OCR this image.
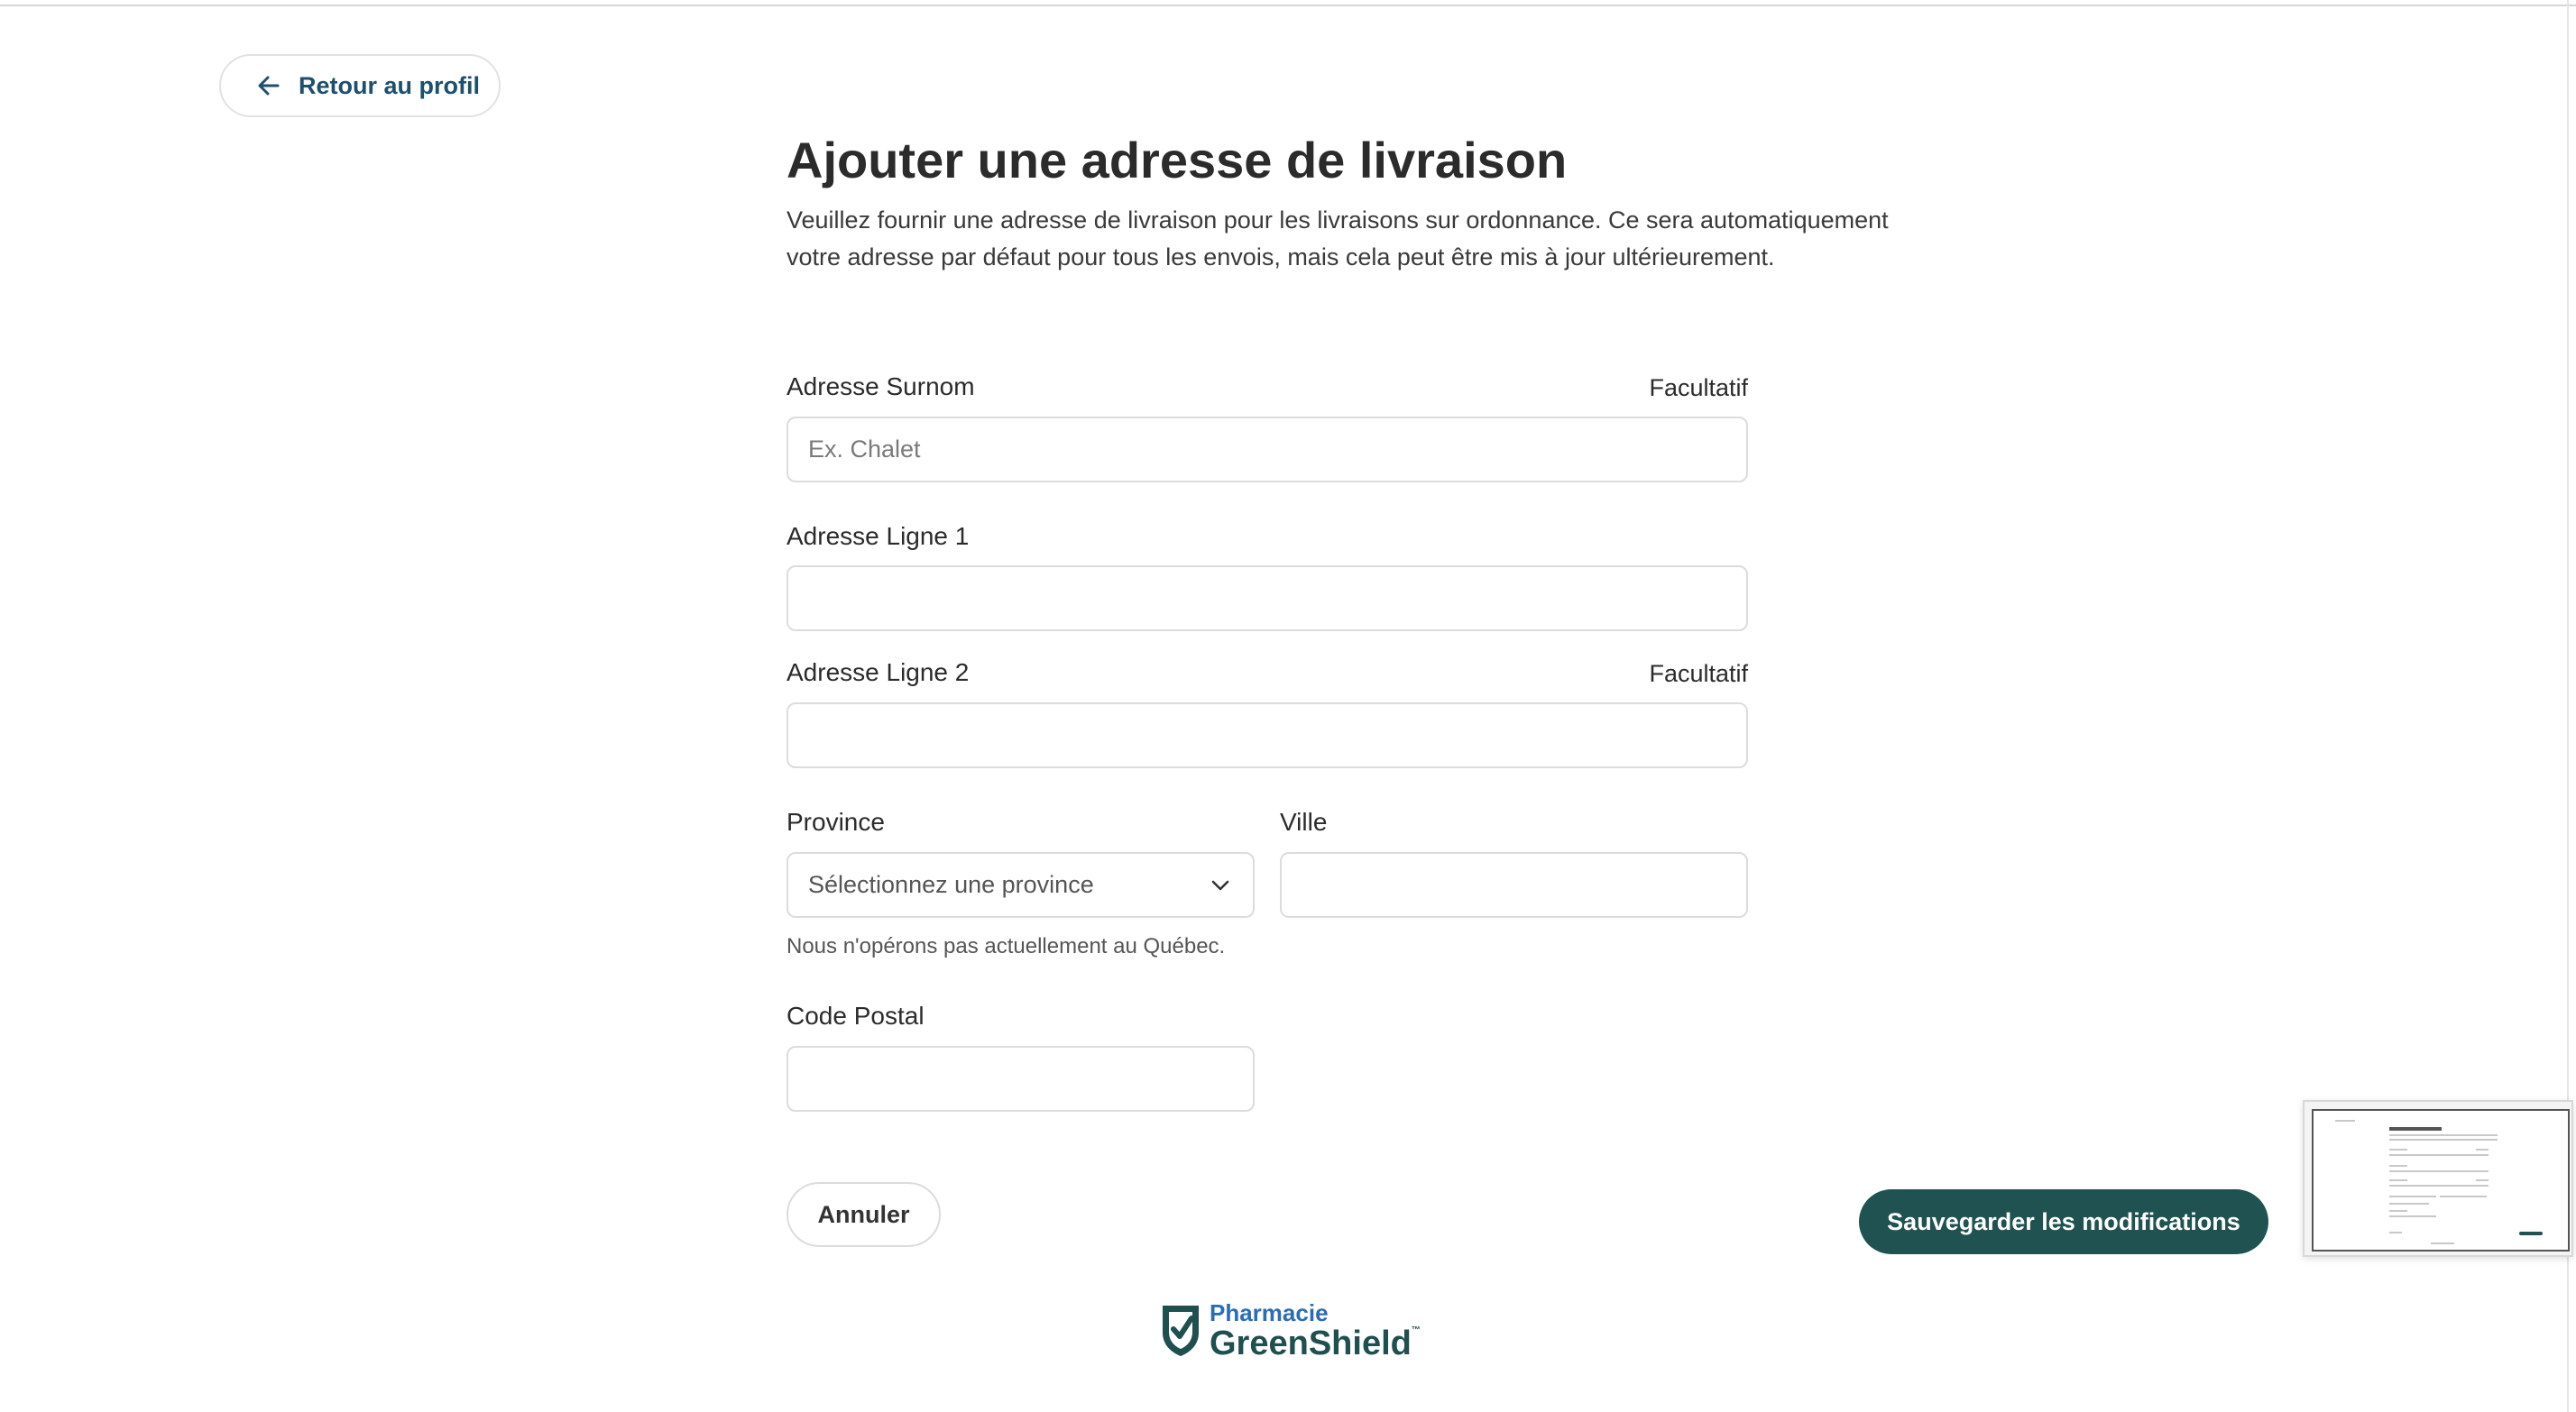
Retour au profil
Ajouter une adresse de livraison

Veuillez fournir une adresse de livraison pour les livraisons sur ordonnance. Ce sera automatiquement votre adresse par défaut pour tous les envois, mais cela peut être mis à jour ultérieurement.

Adresse Surnom	Facultatif
Ex. Chalet
Adresse Ligne 1
Adresse Ligne 2	Facultatif
Province
Sélectionnez une province
Nous n'opérons pas actuellement au Québec.
Ville
Code Postal
Annuler	Sauvegarder les modifications
Pharmacie
GreenShield™
